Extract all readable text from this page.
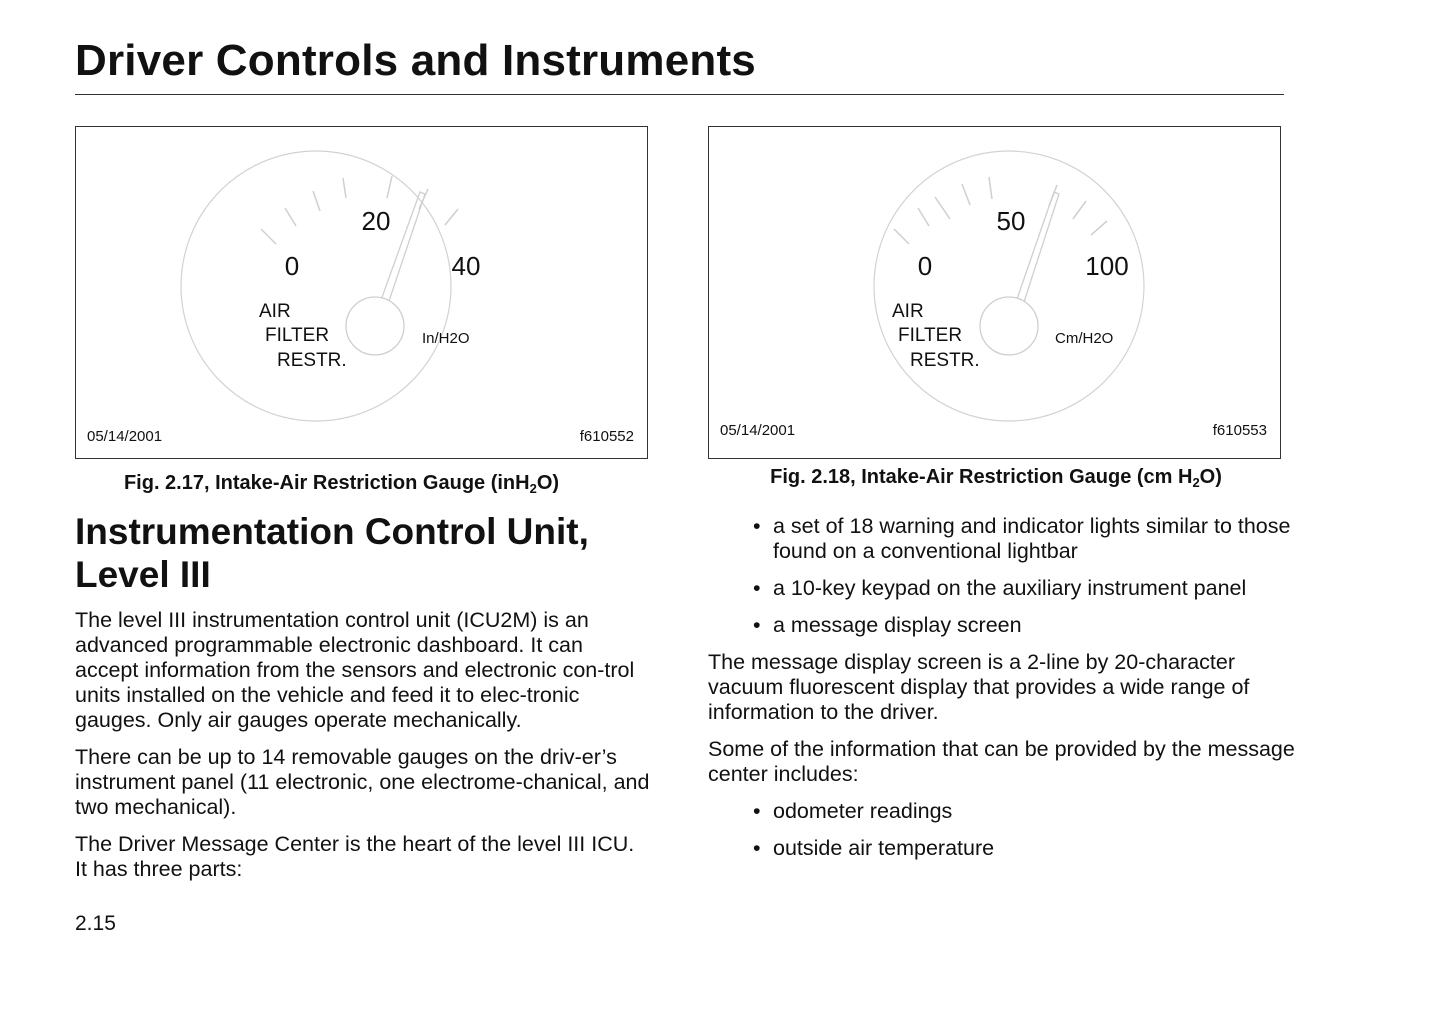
Driver Controls and Instruments
0
20
40
AIR
FILTER
RESTR.
In/H2O
05/14/2001	f610552
Fig. 2.17, Intake-Air Restriction Gauge (inH$_2$O)
0
50
100
AIR
FILTER
RESTR.
Cm/H2O
05/14/2001	f610553
Fig. 2.18, Intake-Air Restriction Gauge (cm $H_2O$)
Instrumentation Control Unit,
Level III

The level III instrumentation control unit (ICU2M) is an advanced programmable electronic dashboard. It can accept information from the sensors and electronic con-trol units installed on the vehicle and feed it to elec-tronic gauges. Only air gauges operate mechanically.

There can be up to 14 removable gauges on the driv-er’s instrument panel (11 electronic, one electrome-chanical, and two mechanical).

The Driver Message Center is the heart of the level III ICU. It has three parts:

• a set of 18 warning and indicator lights similar to those found on a conventional lightbar
• a 10-key keypad on the auxiliary instrument panel
• a message display screen

The message display screen is a 2-line by 20-character vacuum fluorescent display that provides a wide range of information to the driver.

Some of the information that can be provided by the message center includes:

• odometer readings
• outside air temperature
2.15
